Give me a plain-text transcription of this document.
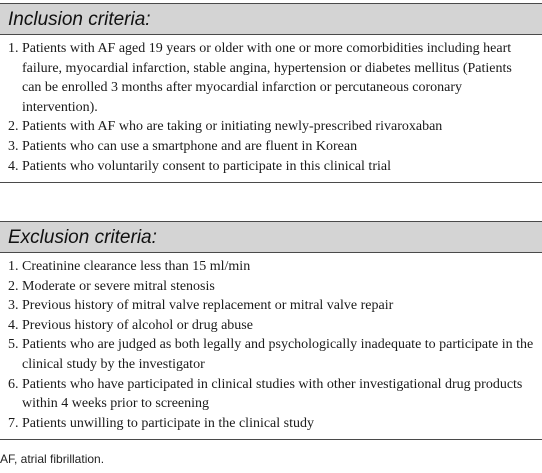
Inclusion criteria:
1. Patients with AF aged 19 years or older with one or more comorbidities including heart failure, myocardial infarction, stable angina, hypertension or diabetes mellitus (Patients can be enrolled 3 months after myocardial infarction or percutaneous coronary intervention).
2. Patients with AF who are taking or initiating newly-prescribed rivaroxaban
3. Patients who can use a smartphone and are fluent in Korean
4. Patients who voluntarily consent to participate in this clinical trial
Exclusion criteria:
1. Creatinine clearance less than 15 ml/min
2. Moderate or severe mitral stenosis
3. Previous history of mitral valve replacement or mitral valve repair
4. Previous history of alcohol or drug abuse
5. Patients who are judged as both legally and psychologically inadequate to participate in the clinical study by the investigator
6. Patients who have participated in clinical studies with other investigational drug products within 4 weeks prior to screening
7. Patients unwilling to participate in the clinical study
AF, atrial fibrillation.
